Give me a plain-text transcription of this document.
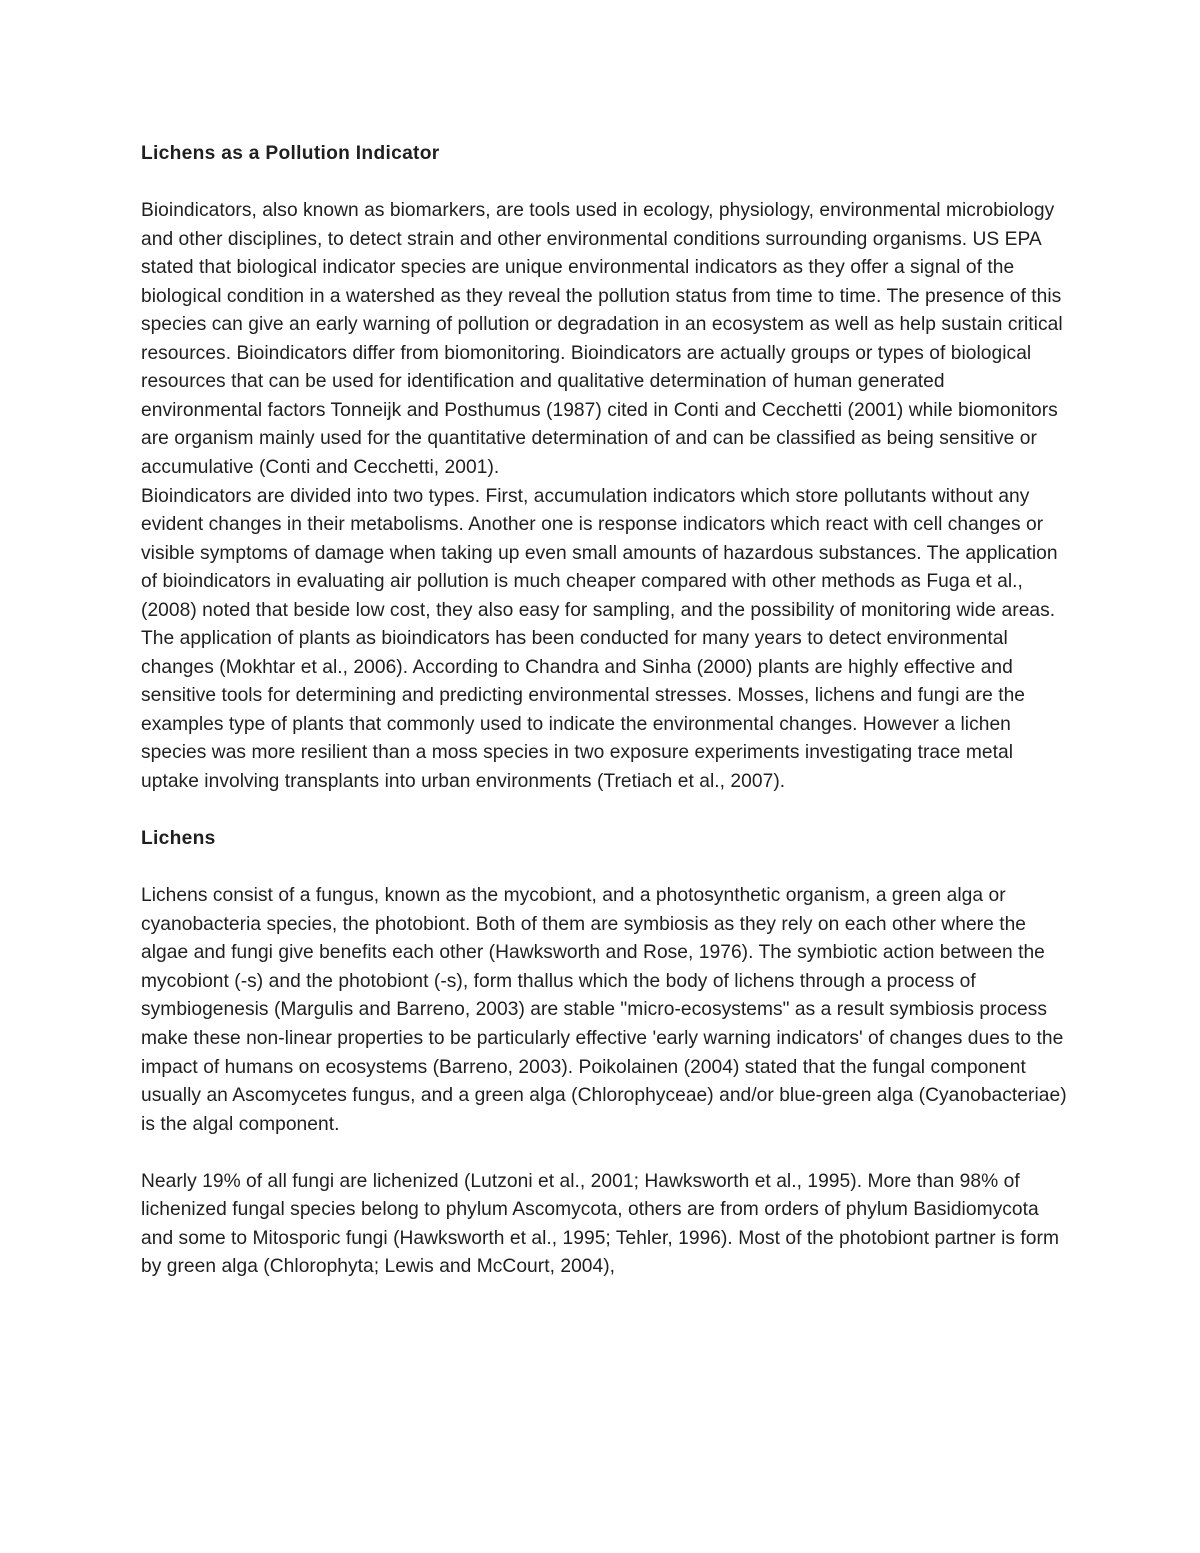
Lichens as a Pollution Indicator

Bioindicators, also known as biomarkers, are tools used in ecology, physiology, environmental microbiology and other disciplines, to detect strain and other environmental conditions surrounding organisms. US EPA stated that biological indicator species are unique environmental indicators as they offer a signal of the biological condition in a watershed as they reveal the pollution status from time to time. The presence of this species can give an early warning of pollution or degradation in an ecosystem as well as help sustain critical resources. Bioindicators differ from biomonitoring. Bioindicators are actually groups or types of biological resources that can be used for identification and qualitative determination of human generated environmental factors Tonneijk and Posthumus (1987) cited in Conti and Cecchetti (2001) while biomonitors are organism mainly used for the quantitative determination of and can be classified as being sensitive or accumulative (Conti and Cecchetti, 2001).

Bioindicators are divided into two types. First, accumulation indicators which store pollutants without any evident changes in their metabolisms. Another one is response indicators which react with cell changes or visible symptoms of damage when taking up even small amounts of hazardous substances. The application of bioindicators in evaluating air pollution is much cheaper compared with other methods as Fuga et al., (2008) noted that beside low cost, they also easy for sampling, and the possibility of monitoring wide areas. The application of plants as bioindicators has been conducted for many years to detect environmental changes (Mokhtar et al., 2006). According to Chandra and Sinha (2000) plants are highly effective and sensitive tools for determining and predicting environmental stresses. Mosses, lichens and fungi are the examples type of plants that commonly used to indicate the environmental changes. However a lichen species was more resilient than a moss species in two exposure experiments investigating trace metal uptake involving transplants into urban environments (Tretiach et al., 2007).

Lichens

Lichens consist of a fungus, known as the mycobiont, and a photosynthetic organism, a green alga or cyanobacteria species, the photobiont. Both of them are symbiosis as they rely on each other where the algae and fungi give benefits each other (Hawksworth and Rose, 1976). The symbiotic action between the mycobiont (-s) and the photobiont (-s), form thallus which the body of lichens through a process of symbiogenesis (Margulis and Barreno, 2003) are stable "micro-ecosystems" as a result symbiosis process make these non-linear properties to be particularly effective 'early warning indicators' of changes dues to the impact of humans on ecosystems (Barreno, 2003). Poikolainen (2004) stated that the fungal component usually an Ascomycetes fungus, and a green alga (Chlorophyceae) and/or blue-green alga (Cyanobacteriae) is the algal component.

Nearly 19% of all fungi are lichenized (Lutzoni et al., 2001; Hawksworth et al., 1995). More than 98% of lichenized fungal species belong to phylum Ascomycota, others are from orders of phylum Basidiomycota and some to Mitosporic fungi (Hawksworth et al., 1995; Tehler, 1996). Most of the photobiont partner is form by green alga (Chlorophyta; Lewis and McCourt, 2004),
